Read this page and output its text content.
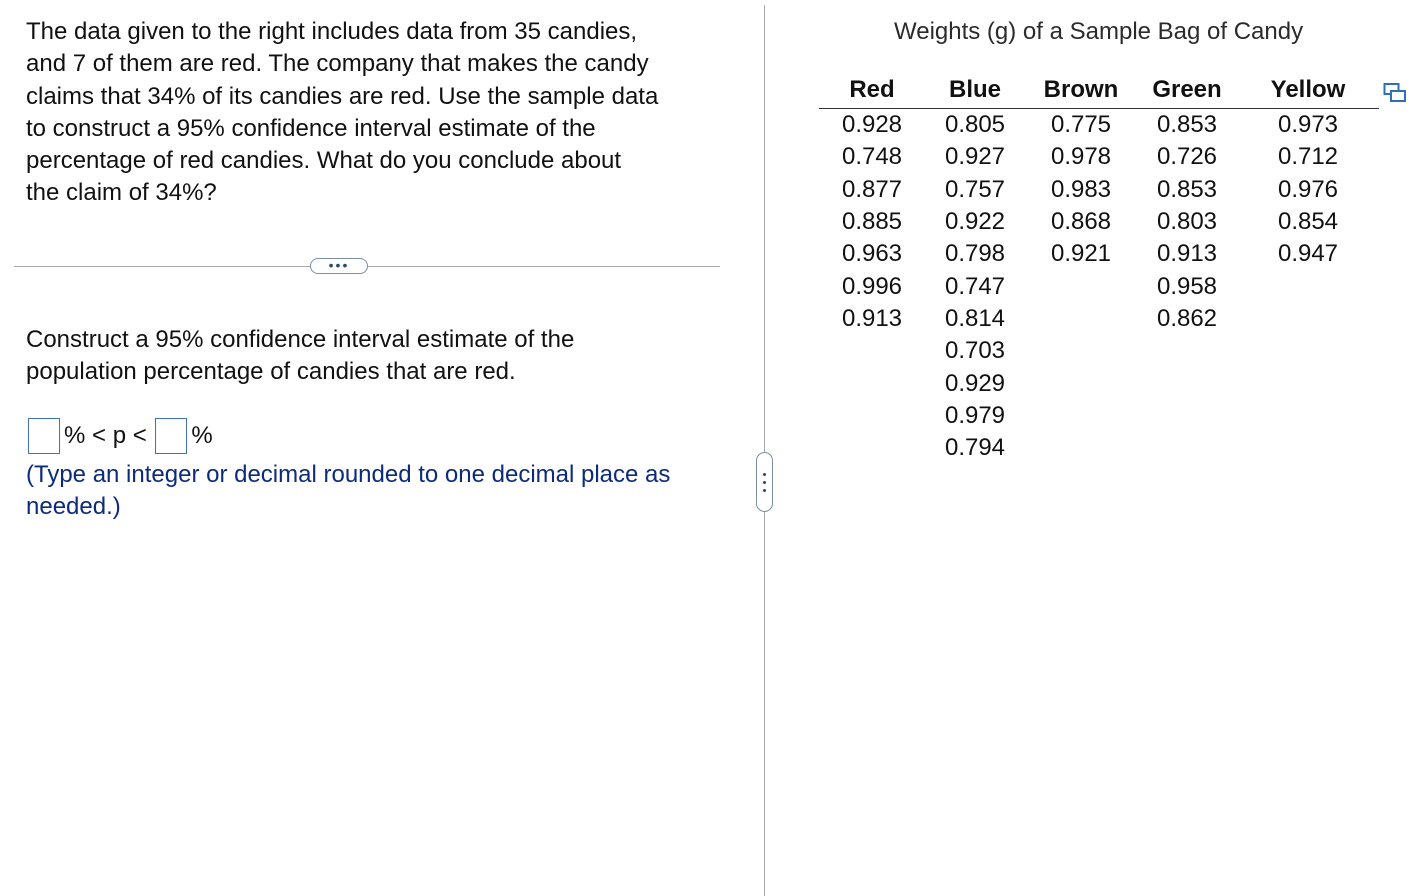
The data given to the right includes data from 35 candies,
and 7 of them are red. The company that makes the candy
claims that 34% of its candies are red. Use the sample data
to construct a 95% confidence interval estimate of the
percentage of red candies. What do you conclude about
the claim of 34%?
•••
Construct a 95% confidence interval estimate of the
population percentage of candies that are red.
% < p < %
(Type an integer or decimal rounded to one decimal place as needed.)
Weights (g) of a Sample Bag of Candy
Red	Blue	Brown	Green	Yellow
0.928	0.805	0.775	0.853	0.973
0.748	0.927	0.978	0.726	0.712
0.877	0.757	0.983	0.853	0.976
0.885	0.922	0.868	0.803	0.854
0.963	0.798	0.921	0.913	0.947
0.996	0.747		0.958	
0.913	0.814		0.862	
	0.703			
	0.929			
	0.979			
	0.794			
